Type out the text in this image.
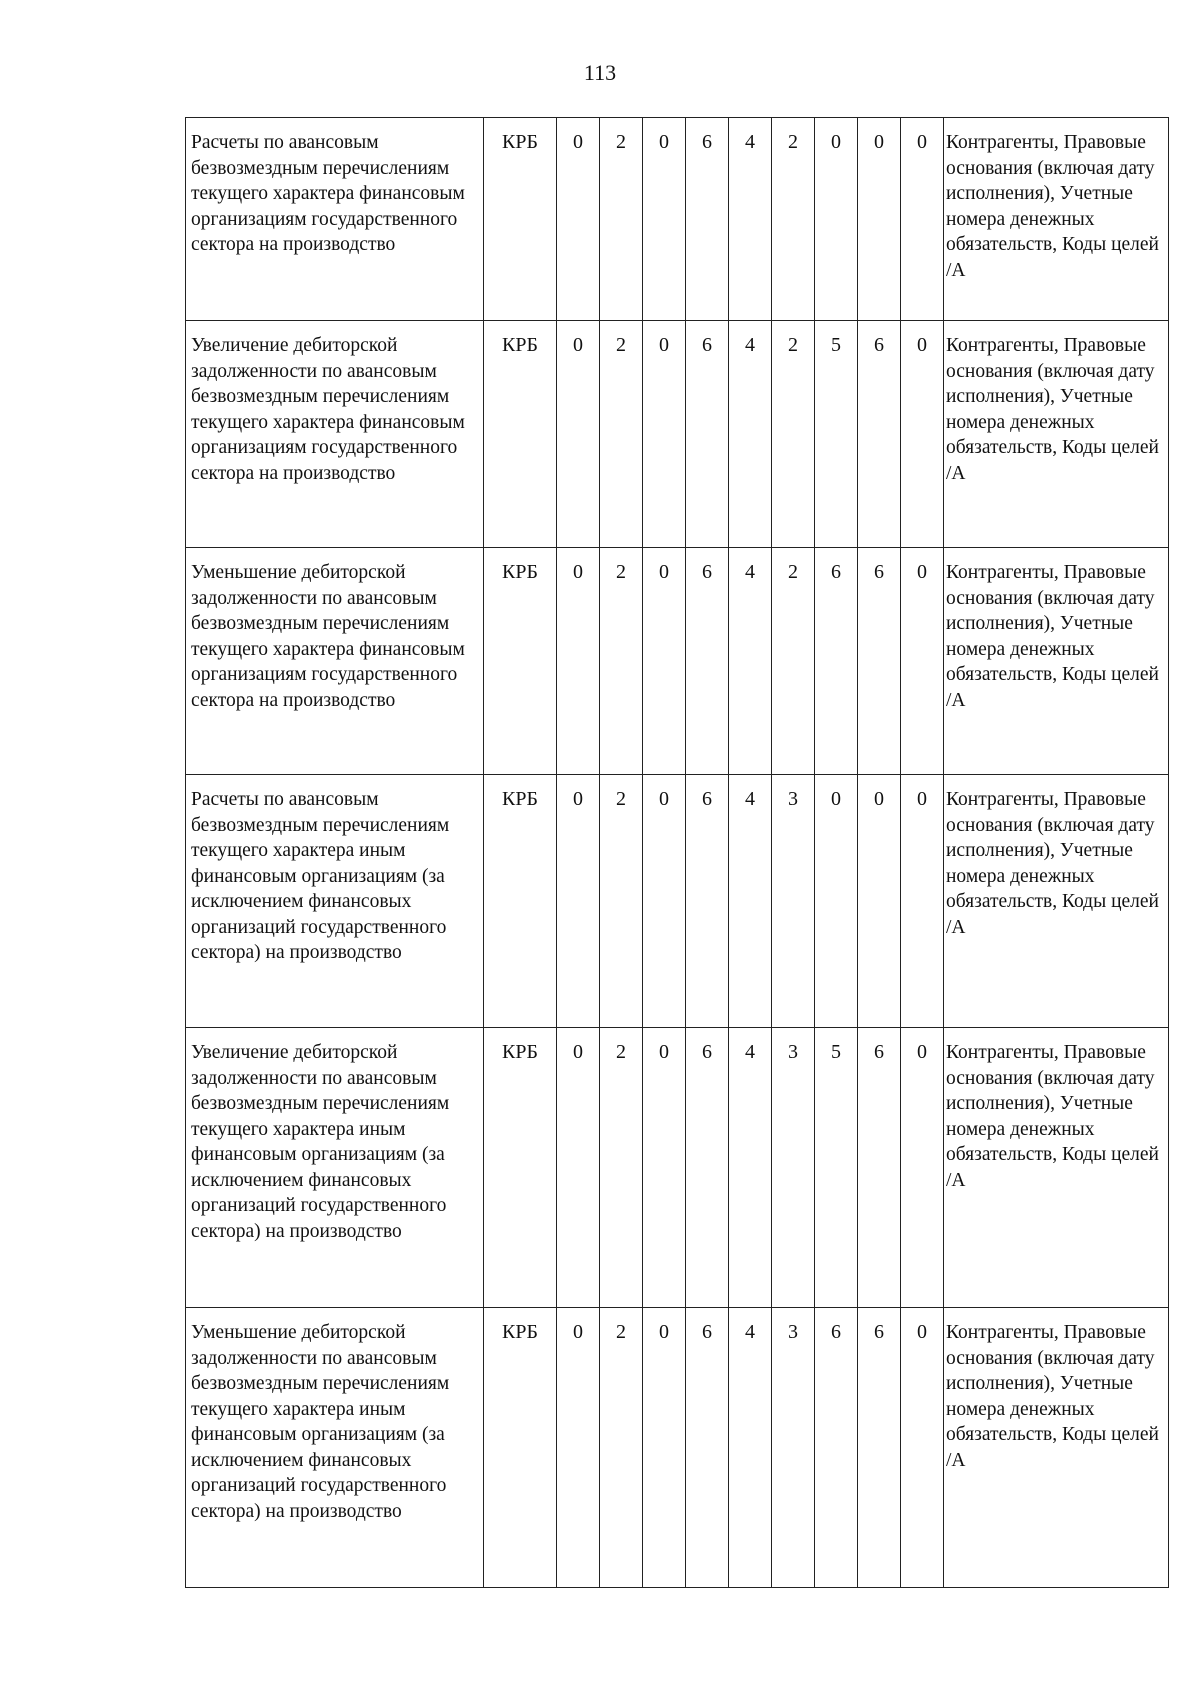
113
Расчеты по авансовым безвозмездным перечислениям текущего характера финансовым организациям государственного сектора на производство	КРБ	0	2	0	6	4	2	0	0	0	Контрагенты, Правовые основания (включая дату исполнения), Учетные номера денежных обязательств, Коды целей /А
Увеличение дебиторской задолженности по авансовым безвозмездным перечислениям текущего характера финансовым организациям государственного сектора на производство	КРБ	0	2	0	6	4	2	5	6	0	Контрагенты, Правовые основания (включая дату исполнения), Учетные номера денежных обязательств, Коды целей /А
Уменьшение дебиторской задолженности по авансовым безвозмездным перечислениям текущего характера финансовым организациям государственного сектора на производство	КРБ	0	2	0	6	4	2	6	6	0	Контрагенты, Правовые основания (включая дату исполнения), Учетные номера денежных обязательств, Коды целей /А
Расчеты по авансовым безвозмездным перечислениям текущего характера иным финансовым организациям (за исключением финансовых организаций государственного сектора) на производство	КРБ	0	2	0	6	4	3	0	0	0	Контрагенты, Правовые основания (включая дату исполнения), Учетные номера денежных обязательств, Коды целей /А
Увеличение дебиторской задолженности по авансовым безвозмездным перечислениям текущего характера иным финансовым организациям (за исключением финансовых организаций государственного сектора) на производство	КРБ	0	2	0	6	4	3	5	6	0	Контрагенты, Правовые основания (включая дату исполнения), Учетные номера денежных обязательств, Коды целей /А
Уменьшение дебиторской задолженности по авансовым безвозмездным перечислениям текущего характера иным финансовым организациям (за исключением финансовых организаций государственного сектора) на производство	КРБ	0	2	0	6	4	3	6	6	0	Контрагенты, Правовые основания (включая дату исполнения), Учетные номера денежных обязательств, Коды целей /А
